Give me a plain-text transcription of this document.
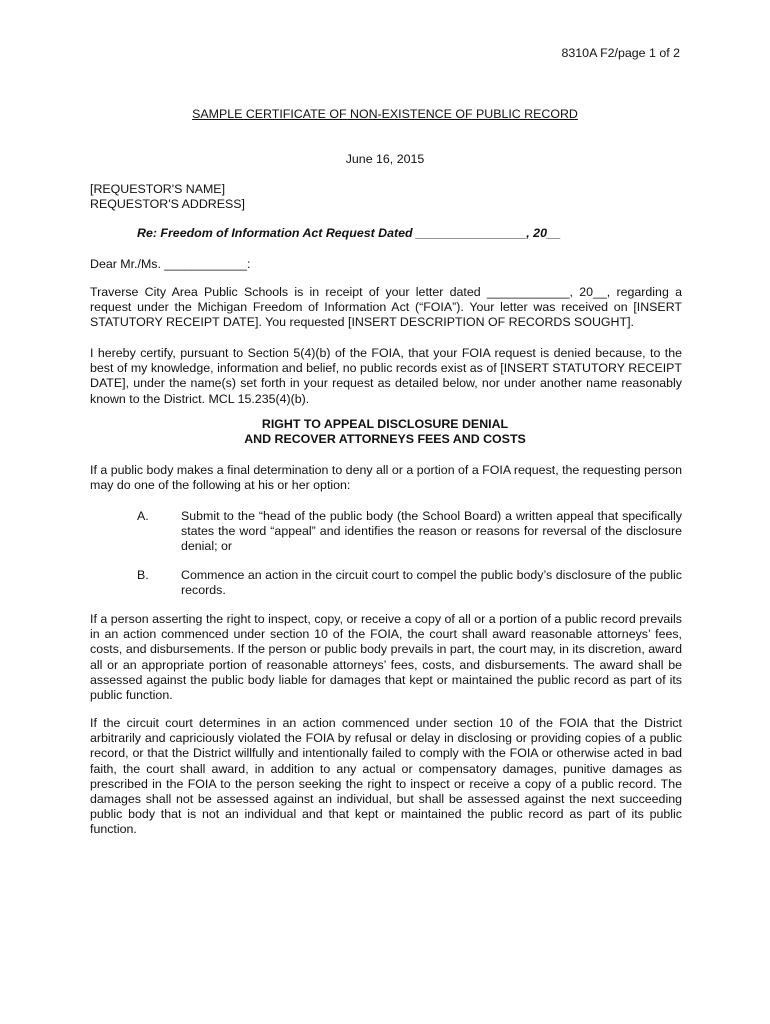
8310A F2/page 1 of 2
SAMPLE CERTIFICATE OF NON-EXISTENCE OF PUBLIC RECORD
June 16, 2015
[REQUESTOR'S NAME]
REQUESTOR'S ADDRESS]
Re: Freedom of Information Act Request Dated ________________, 20__
Dear Mr./Ms. ____________:
Traverse City Area Public Schools is in receipt of your letter dated ____________, 20__, regarding a request under the Michigan Freedom of Information Act (“FOIA”). Your letter was received on [INSERT STATUTORY RECEIPT DATE]. You requested [INSERT DESCRIPTION OF RECORDS SOUGHT].
I hereby certify, pursuant to Section 5(4)(b) of the FOIA, that your FOIA request is denied because, to the best of my knowledge, information and belief, no public records exist as of [INSERT STATUTORY RECEIPT DATE], under the name(s) set forth in your request as detailed below, nor under another name reasonably known to the District. MCL 15.235(4)(b).
RIGHT TO APPEAL DISCLOSURE DENIAL
AND RECOVER ATTORNEYS FEES AND COSTS
If a public body makes a final determination to deny all or a portion of a FOIA request, the requesting person may do one of the following at his or her option:
A.	Submit to the “head of the public body (the School Board) a written appeal that specifically states the word “appeal” and identifies the reason or reasons for reversal of the disclosure denial; or
B.	Commence an action in the circuit court to compel the public body’s disclosure of the public records.
If a person asserting the right to inspect, copy, or receive a copy of all or a portion of a public record prevails in an action commenced under section 10 of the FOIA, the court shall award reasonable attorneys’ fees, costs, and disbursements. If the person or public body prevails in part, the court may, in its discretion, award all or an appropriate portion of reasonable attorneys’ fees, costs, and disbursements. The award shall be assessed against the public body liable for damages that kept or maintained the public record as part of its public function.
If the circuit court determines in an action commenced under section 10 of the FOIA that the District arbitrarily and capriciously violated the FOIA by refusal or delay in disclosing or providing copies of a public record, or that the District willfully and intentionally failed to comply with the FOIA or otherwise acted in bad faith, the court shall award, in addition to any actual or compensatory damages, punitive damages as prescribed in the FOIA to the person seeking the right to inspect or receive a copy of a public record. The damages shall not be assessed against an individual, but shall be assessed against the next succeeding public body that is not an individual and that kept or maintained the public record as part of its public function.
